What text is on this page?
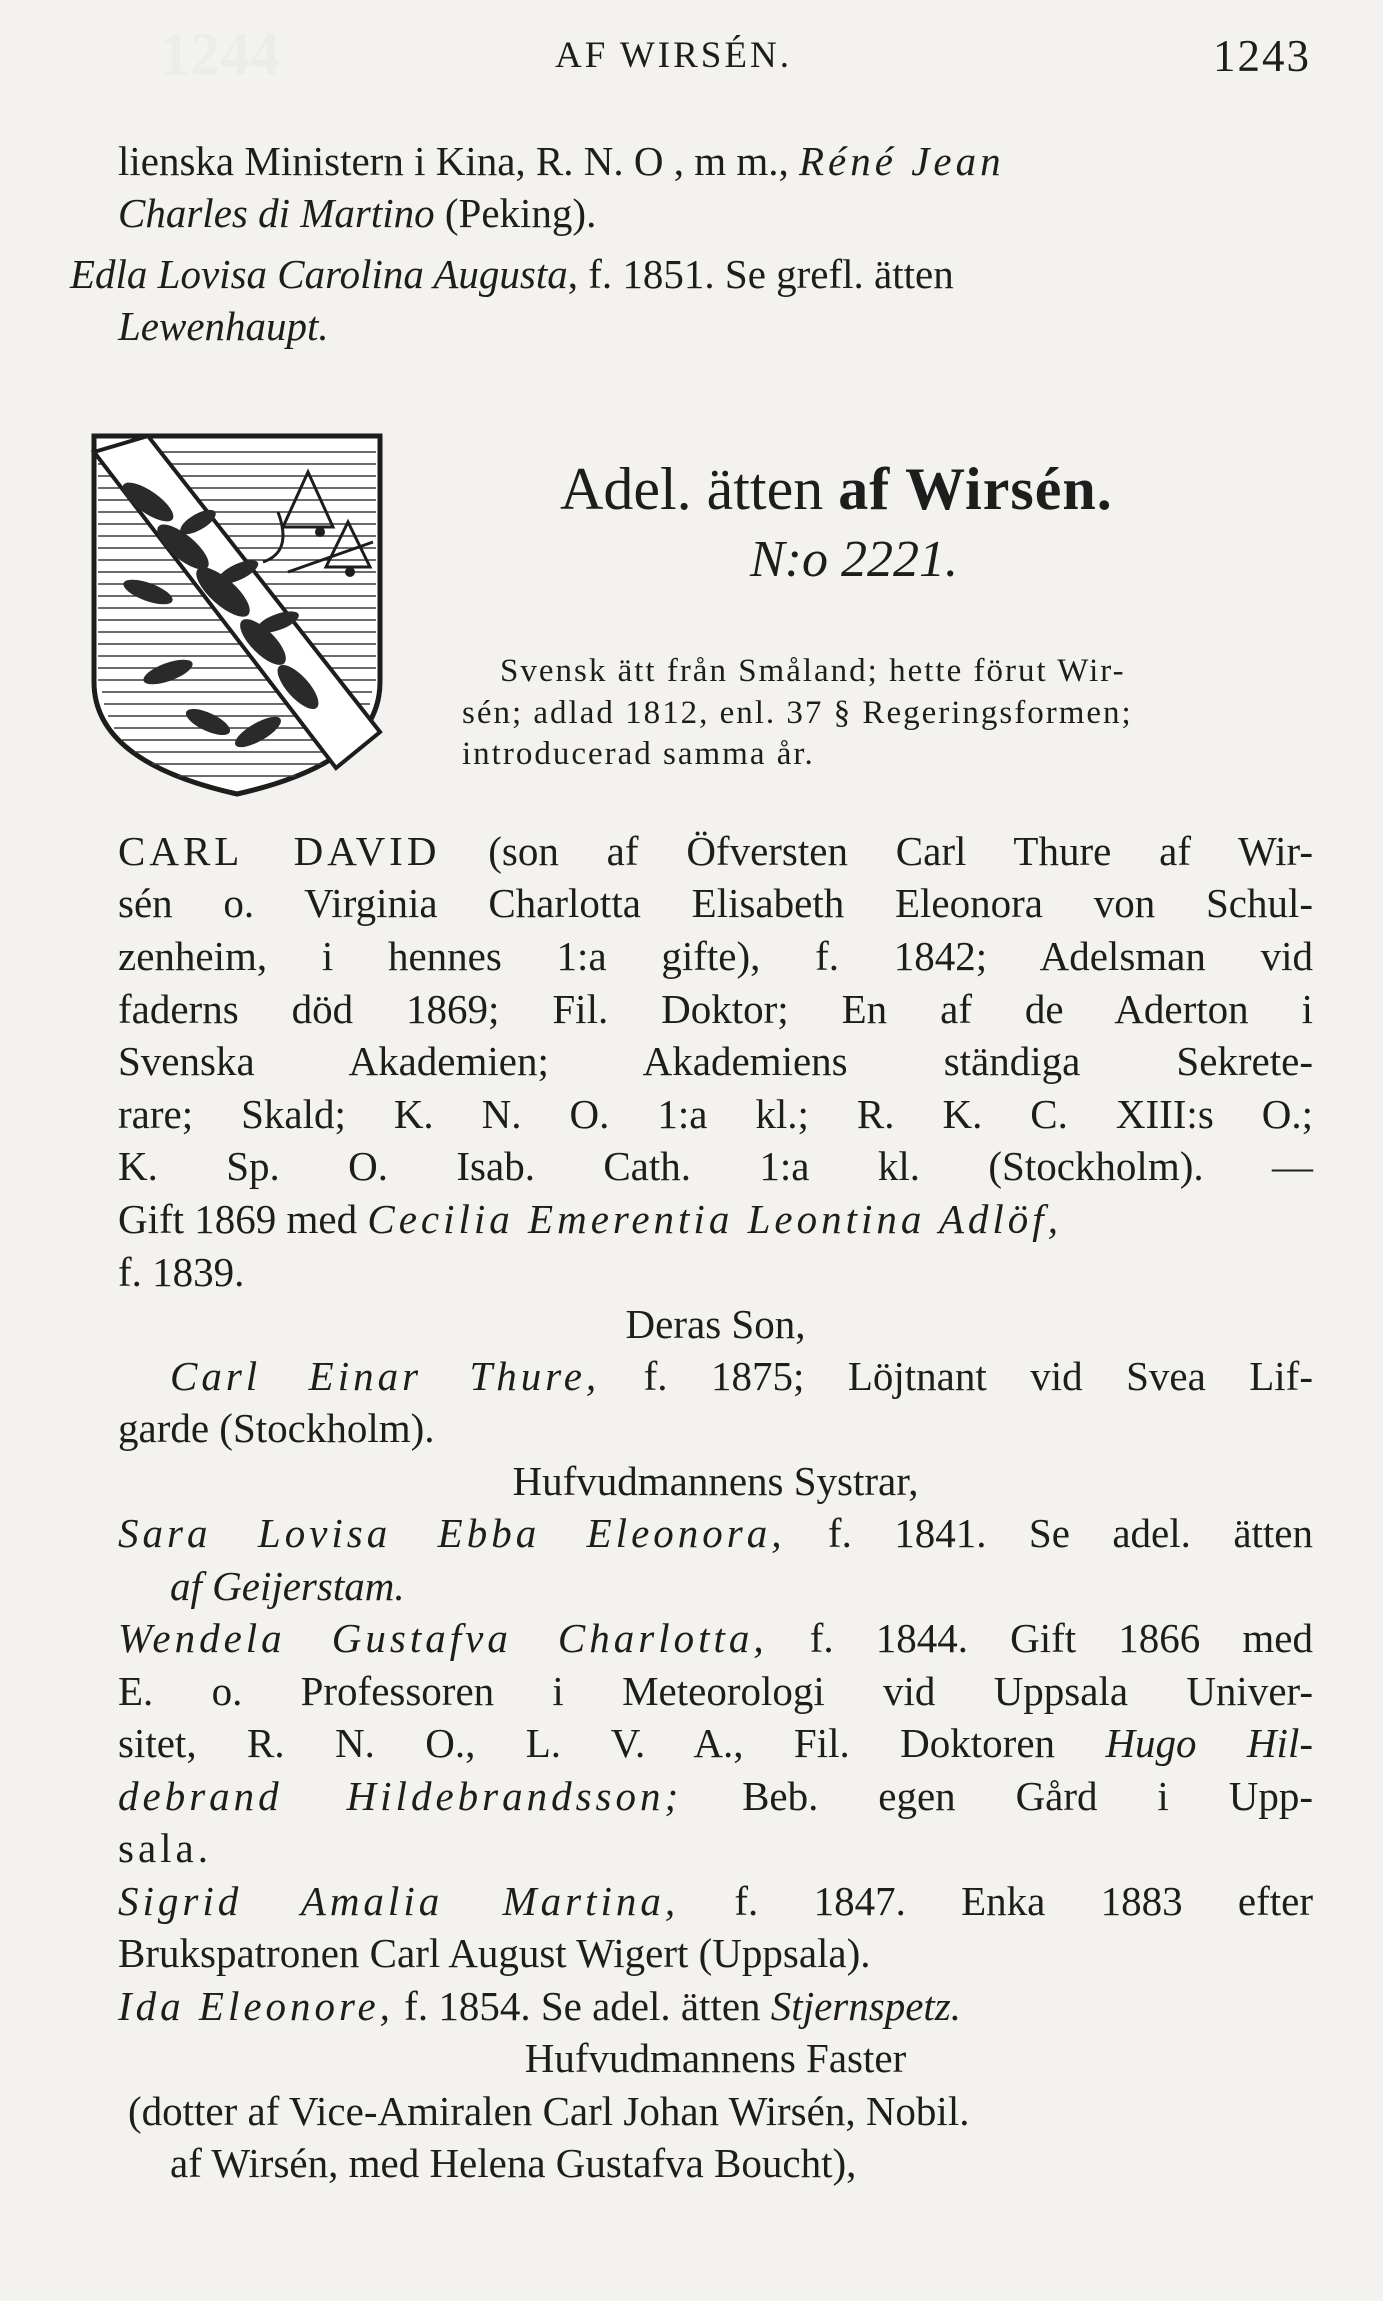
1244	AF WIRSÉN.	1243
lienska Ministern i Kina, R. N. O , m m., Réné Jean
Charles di Martino (Peking).
Edla Lovisa Carolina Augusta, f. 1851. Se grefl. ätten
Lewenhaupt.
Adel. ätten af Wirsén.
N:o 2221.
Svensk ätt från Småland; hette förut Wir-
sén; adlad 1812, enl. 37 § Regeringsformen;
introducerad samma år.
CARL DAVID (son af Öfversten Carl Thure af Wir-
sén o. Virginia Charlotta Elisabeth Eleonora von Schul-
zenheim, i hennes 1:a gifte), f. 1842; Adelsman vid
faderns död 1869; Fil. Doktor; En af de Aderton i
Svenska Akademien; Akademiens ständiga Sekrete-
rare; Skald; K. N. O. 1:a kl.; R. K. C. XIII:s O.;
K. Sp. O. Isab. Cath. 1:a kl. (Stockholm). —
Gift 1869 med Cecilia Emerentia Leontina Adlöf,
f. 1839.
Deras Son,
Carl Einar Thure, f. 1875; Löjtnant vid Svea Lif-
garde (Stockholm).
Hufvudmannens Systrar,
Sara Lovisa Ebba Eleonora, f. 1841. Se adel. ätten
af Geijerstam.
Wendela Gustafva Charlotta, f. 1844. Gift 1866 med
E. o. Professoren i Meteorologi vid Uppsala Univer-
sitet, R. N. O., L. V. A., Fil. Doktoren Hugo Hil-
debrand Hildebrandsson; Beb. egen Gård i Upp-
sala.
Sigrid Amalia Martina, f. 1847. Enka 1883 efter
Brukspatronen Carl August Wigert (Uppsala).
Ida Eleonore, f. 1854. Se adel. ätten Stjernspetz.
Hufvudmannens Faster
(dotter af Vice-Amiralen Carl Johan Wirsén, Nobil.
af Wirsén, med Helena Gustafva Boucht),
